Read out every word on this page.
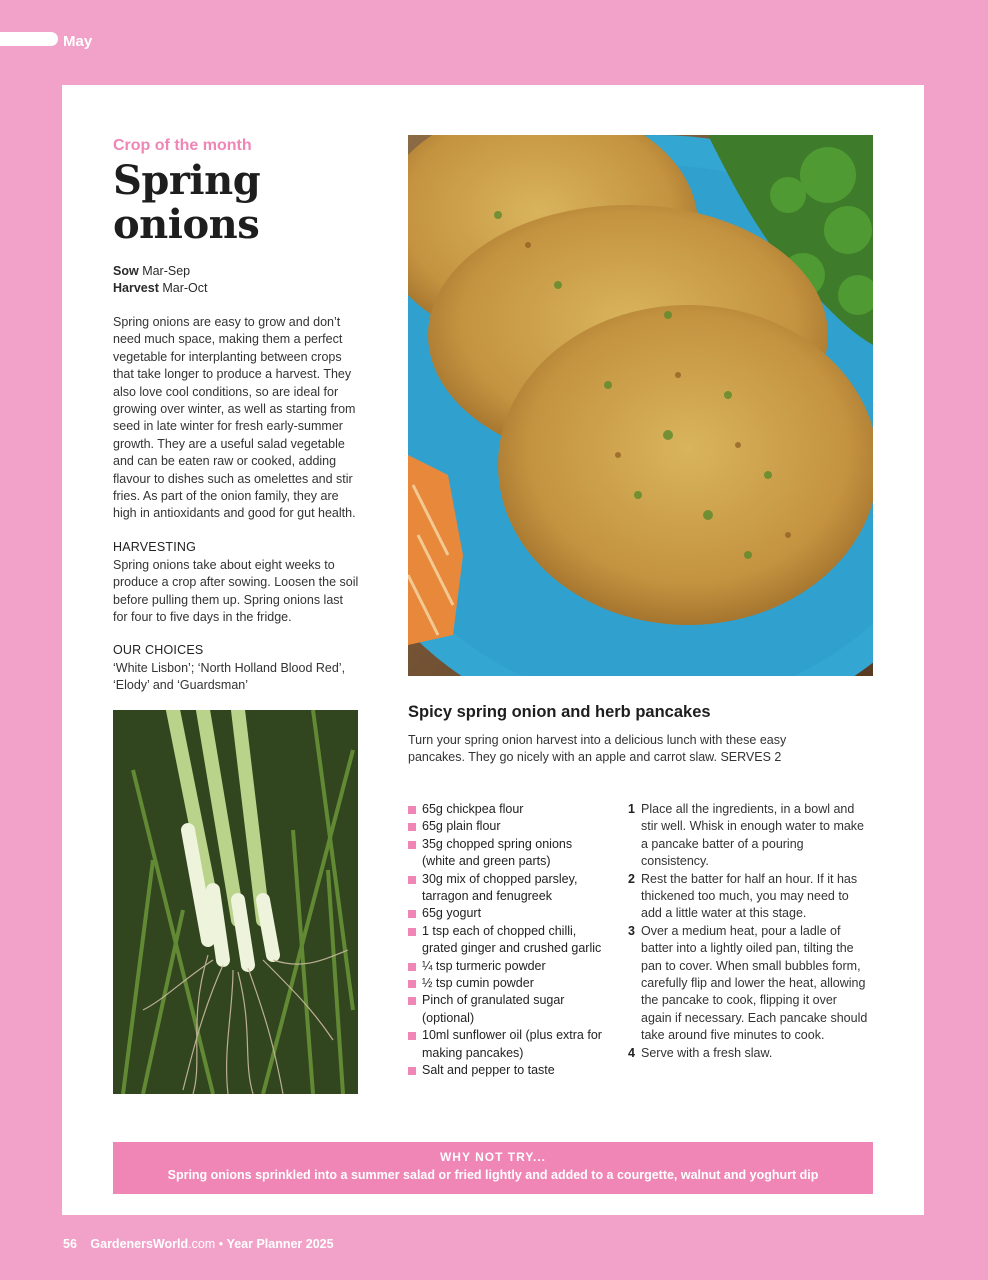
May
Crop of the month
Spring onions
Sow Mar-Sep
Harvest Mar-Oct

Spring onions are easy to grow and don’t need much space, making them a perfect vegetable for interplanting between crops that take longer to produce a harvest. They also love cool conditions, so are ideal for growing over winter, as well as starting from seed in late winter for fresh early-summer growth. They are a useful salad vegetable and can be eaten raw or cooked, adding flavour to dishes such as omelettes and stir fries. As part of the onion family, they are high in antioxidants and good for gut health.

HARVESTING

Spring onions take about eight weeks to produce a crop after sowing. Loosen the soil before pulling them up. Spring onions last for four to five days in the fridge.

OUR CHOICES

‘White Lisbon’; ‘North Holland Blood Red’, ‘Elody’ and ‘Guardsman’

Spicy spring onion and herb pancakes

Turn your spring onion harvest into a delicious lunch with these easy pancakes. They go nicely with an apple and carrot slaw. SERVES 2

65g chickpea flour
65g plain flour
35g chopped spring onions (white and green parts)
30g mix of chopped parsley, tarragon and fenugreek
65g yogurt
1 tsp each of chopped chilli, grated ginger and crushed garlic
¼ tsp turmeric powder
½ tsp cumin powder
Pinch of granulated sugar (optional)
10ml sunflower oil (plus extra for making pancakes)
Salt and pepper to taste
1 Place all the ingredients, in a bowl and stir well. Whisk in enough water to make a pancake batter of a pouring consistency.
2 Rest the batter for half an hour. If it has thickened too much, you may need to add a little water at this stage.
3 Over a medium heat, pour a ladle of batter into a lightly oiled pan, tilting the pan to cover. When small bubbles form, carefully flip and lower the heat, allowing the pancake to cook, flipping it over again if necessary. Each pancake should take around five minutes to cook.
4 Serve with a fresh slaw.
WHY NOT TRY...
Spring onions sprinkled into a summer salad or fried lightly and added to a courgette, walnut and yoghurt dip
56 GardenersWorld.com • Year Planner 2025
